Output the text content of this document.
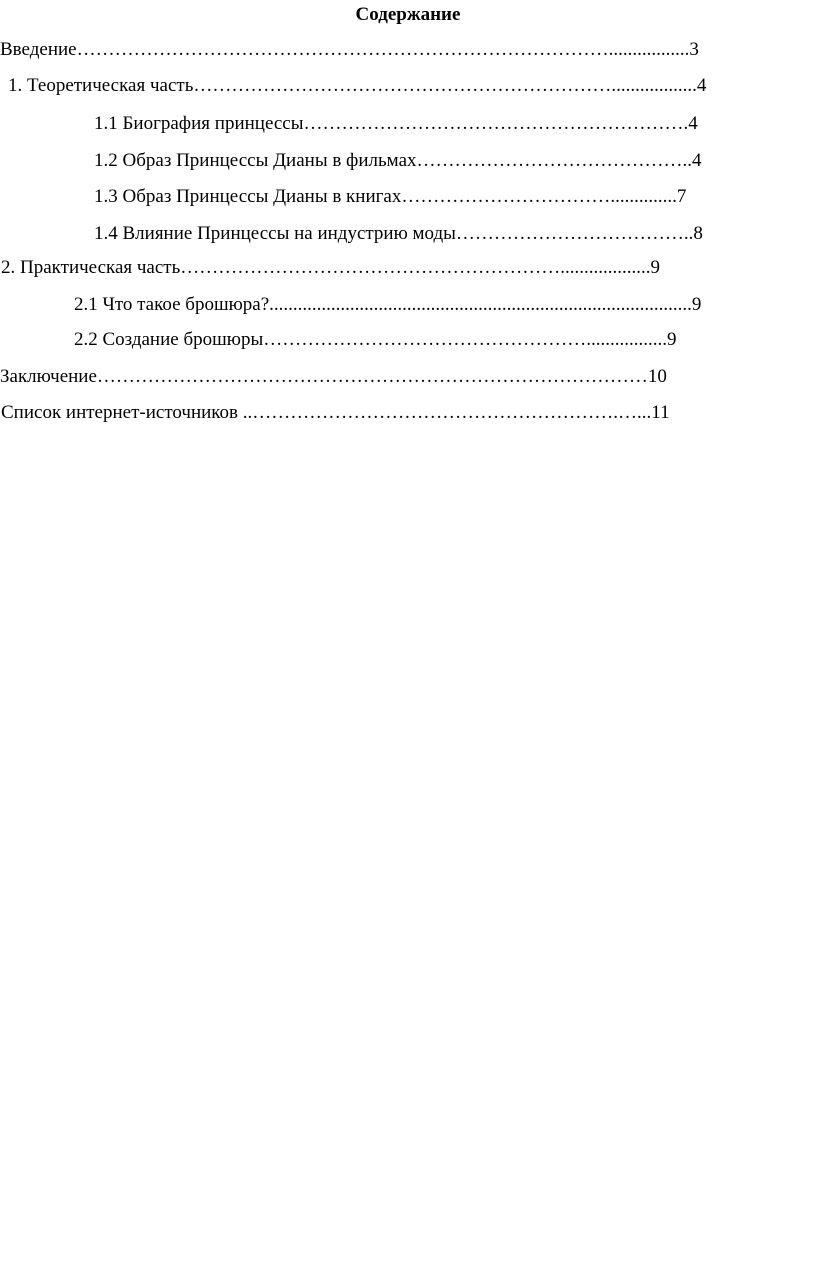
Содержание
Введение………………………………………………………………………….................3
1. Теоретическая часть…………………………………………………………..................4
1.1 Биография принцессы…………………………………………………….4
1.2 Образ Принцессы Дианы в фильмах……………………………………..4
1.3 Образ Принцессы Дианы в книгах……………………………..............7
1.4 Влияние Принцессы на индустрию моды………………………………..8
2. Практическая часть……………………………………………………...................9
2.1 Что такое брошюра?.........................................................................................9
2.2 Создание брошюры…………………………………………….................9
Заключение……………………………………………………………………………10
Список интернет-источников ..………………………………………………….…...11
